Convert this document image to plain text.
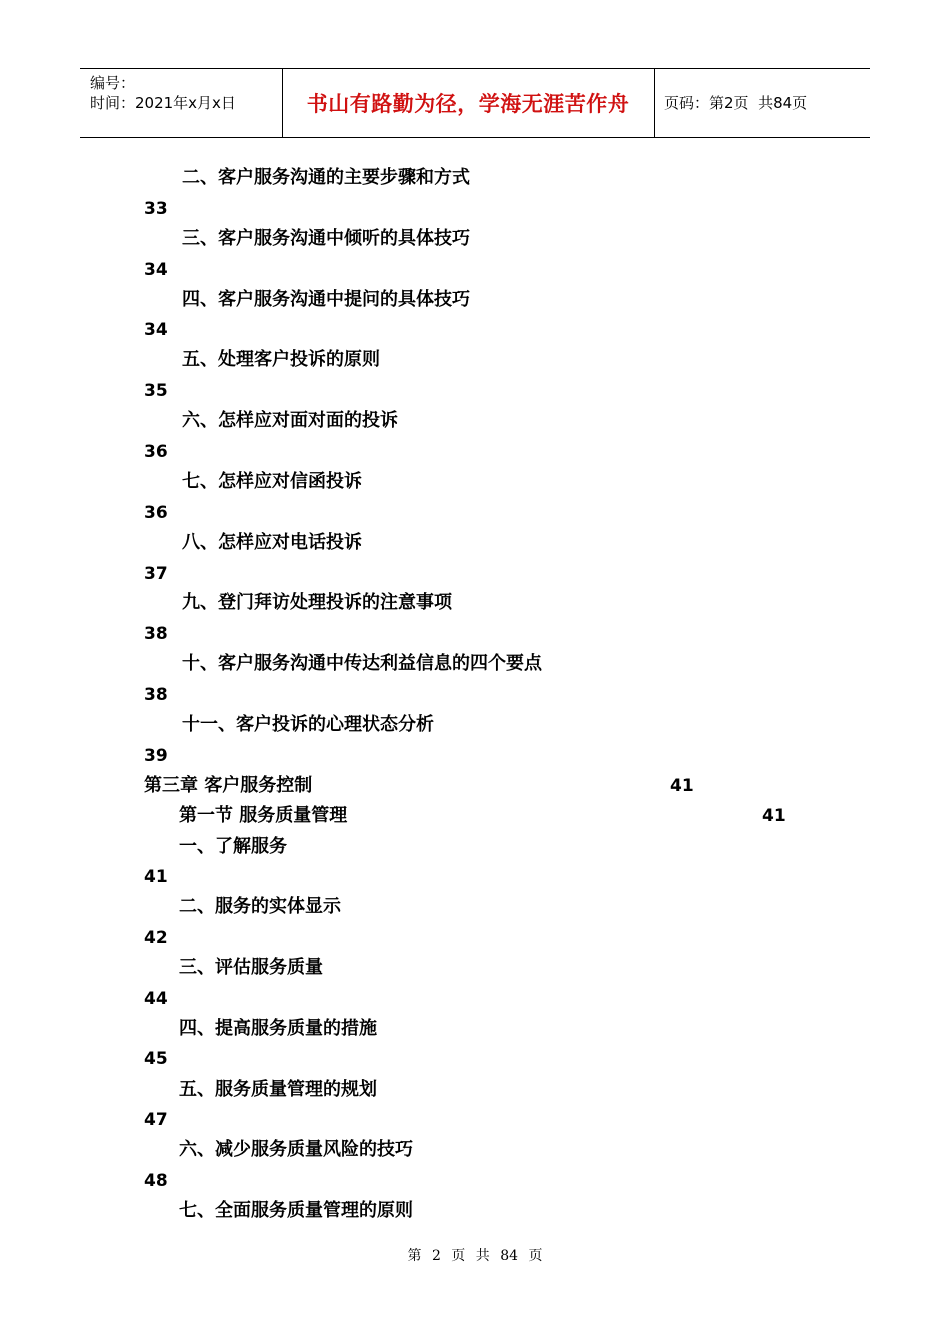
编号：
时间：2021年x月x日	书山有路勤为径，学海无涯苦作舟	页码：第2页  共84页
二、客户服务沟通的主要步骤和方式
33
三、客户服务沟通中倾听的具体技巧
34
四、客户服务沟通中提问的具体技巧
34
五、处理客户投诉的原则
35
六、怎样应对面对面的投诉
36
七、怎样应对信函投诉
36
八、怎样应对电话投诉
37
九、登门拜访处理投诉的注意事项
38
十、客户服务沟通中传达利益信息的四个要点
38
十一、客户投诉的心理状态分析
39
第三章 客户服务控制	41
第一节 服务质量管理	41
一、了解服务
41
二、服务的实体显示
42
三、评估服务质量
44
四、提高服务质量的措施
45
五、服务质量管理的规划
47
六、减少服务质量风险的技巧
48
七、全面服务质量管理的原则
第 2 页 共 84 页
